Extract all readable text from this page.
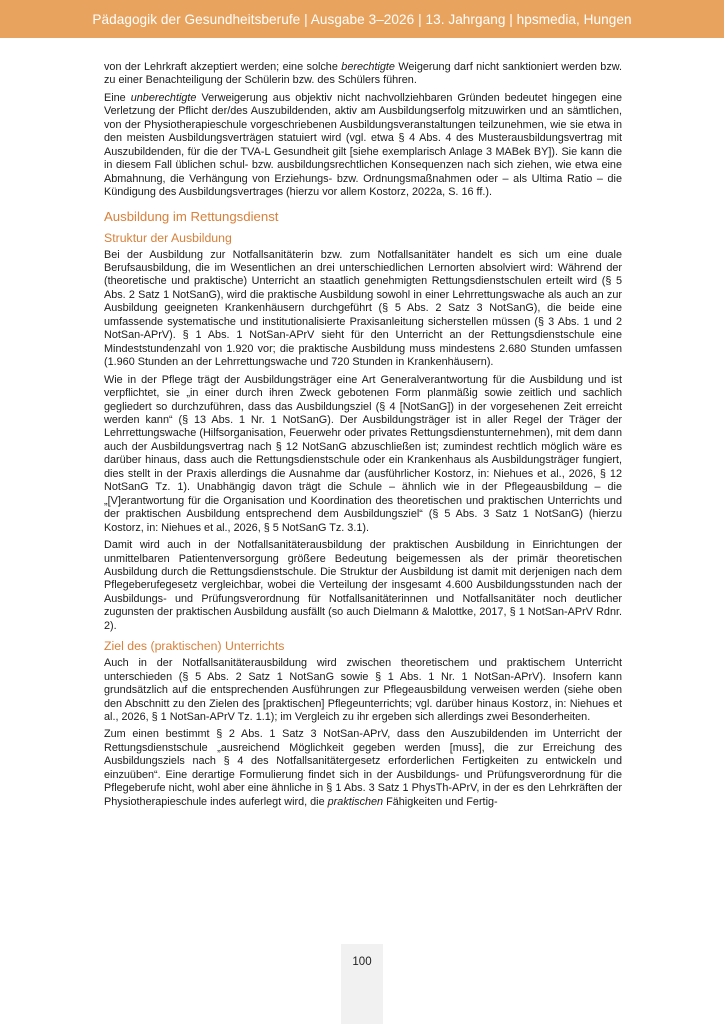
Pädagogik der Gesundheitsberufe | Ausgabe 3–2026 | 13. Jahrgang | hpsmedia, Hungen

von der Lehrkraft akzeptiert werden; eine solche berechtigte Weigerung darf nicht sanktioniert werden bzw. zu einer Benachteiligung der Schülerin bzw. des Schülers führen.

Eine unberechtigte Verweigerung aus objektiv nicht nachvollziehbaren Gründen bedeutet hingegen eine Verletzung der Pflicht der/des Auszubildenden, aktiv am Ausbildungserfolg mitzuwirken und an sämtlichen, von der Physiotherapieschule vorgeschriebenen Ausbildungsveranstaltungen teilzunehmen, wie sie etwa in den meisten Ausbildungsverträgen statuiert wird (vgl. etwa § 4 Abs. 4 des Musterausbildungsvertrag mit Auszubildenden, für die der TVA-L Gesundheit gilt [siehe exemplarisch Anlage 3 MABek BY]). Sie kann die in diesem Fall üblichen schul- bzw. ausbildungsrechtlichen Konsequenzen nach sich ziehen, wie etwa eine Abmahnung, die Verhängung von Erziehungs- bzw. Ordnungsmaßnahmen oder – als Ultima Ratio – die Kündigung des Ausbildungsvertrages (hierzu vor allem Kostorz, 2022a, S. 16 ff.).

Ausbildung im Rettungsdienst
Struktur der Ausbildung

Bei der Ausbildung zur Notfallsanitäterin bzw. zum Notfallsanitäter handelt es sich um eine duale Berufsausbildung, die im Wesentlichen an drei unterschiedlichen Lernorten absolviert wird: Während der (theoretische und praktische) Unterricht an staatlich genehmigten Rettungsdienstschulen erteilt wird (§ 5 Abs. 2 Satz 1 NotSanG), wird die praktische Ausbildung sowohl in einer Lehrrettungswache als auch an zur Ausbildung geeigneten Krankenhäusern durchgeführt (§ 5 Abs. 2 Satz 3 NotSanG), die beide eine umfassende systematische und institutionalisierte Praxisanleitung sicherstellen müssen (§ 3 Abs. 1 und 2 NotSan-APrV). § 1 Abs. 1 NotSan-APrV sieht für den Unterricht an der Rettungsdienstschule eine Mindeststundenzahl von 1.920 vor; die praktische Ausbildung muss mindestens 2.680 Stunden umfassen (1.960 Stunden an der Lehrrettungswache und 720 Stunden in Krankenhäusern).

Wie in der Pflege trägt der Ausbildungsträger eine Art Generalverantwortung für die Ausbildung und ist verpflichtet, sie „in einer durch ihren Zweck gebotenen Form planmäßig sowie zeitlich und sachlich gegliedert so durchzuführen, dass das Ausbildungsziel (§ 4 [NotSanG]) in der vorgesehenen Zeit erreicht werden kann“ (§ 13 Abs. 1 Nr. 1 NotSanG). Der Ausbildungsträger ist in aller Regel der Träger der Lehrrettungswache (Hilfsorganisation, Feuerwehr oder privates Rettungsdienstunternehmen), mit dem dann auch der Ausbildungsvertrag nach § 12 NotSanG abzuschließen ist; zumindest rechtlich möglich wäre es darüber hinaus, dass auch die Rettungsdienstschule oder ein Krankenhaus als Ausbildungsträger fungiert, dies stellt in der Praxis allerdings die Ausnahme dar (ausführlicher Kostorz, in: Niehues et al., 2026, § 12 NotSanG Tz. 1). Unabhängig davon trägt die Schule – ähnlich wie in der Pflegeausbildung – die „[V]erantwortung für die Organisation und Koordination des theoretischen und praktischen Unterrichts und der praktischen Ausbildung entsprechend dem Ausbildungsziel“ (§ 5 Abs. 3 Satz 1 NotSanG) (hierzu Kostorz, in: Niehues et al., 2026, § 5 NotSanG Tz. 3.1).

Damit wird auch in der Notfallsanitäterausbildung der praktischen Ausbildung in Einrichtungen der unmittelbaren Patientenversorgung größere Bedeutung beigemessen als der primär theoretischen Ausbildung durch die Rettungsdienstschule. Die Struktur der Ausbildung ist damit mit derjenigen nach dem Pflegeberufegesetz vergleichbar, wobei die Verteilung der insgesamt 4.600 Ausbildungsstunden nach der Ausbildungs- und Prüfungsverordnung für Notfallsanitäterinnen und Notfallsanitäter noch deutlicher zugunsten der praktischen Ausbildung ausfällt (so auch Dielmann & Malottke, 2017, § 1 NotSan-APrV Rdnr. 2).

Ziel des (praktischen) Unterrichts

Auch in der Notfallsanitäterausbildung wird zwischen theoretischem und praktischem Unterricht unterschieden (§ 5 Abs. 2 Satz 1 NotSanG sowie § 1 Abs. 1 Nr. 1 NotSan-APrV). Insofern kann grundsätzlich auf die entsprechenden Ausführungen zur Pflegeausbildung verweisen werden (siehe oben den Abschnitt zu den Zielen des [praktischen] Pflegeunterrichts; vgl. darüber hinaus Kostorz, in: Niehues et al., 2026, § 1 NotSan-APrV Tz. 1.1); im Vergleich zu ihr ergeben sich allerdings zwei Besonderheiten.

Zum einen bestimmt § 2 Abs. 1 Satz 3 NotSan-APrV, dass den Auszubildenden im Unterricht der Rettungsdienstschule „ausreichend Möglichkeit gegeben werden [muss], die zur Erreichung des Ausbildungsziels nach § 4 des Notfallsanitätergesetz erforderlichen Fertigkeiten zu entwickeln und einzuüben“. Eine derartige Formulierung findet sich in der Ausbildungs- und Prüfungsverordnung für die Pflegeberufe nicht, wohl aber eine ähnliche in § 1 Abs. 3 Satz 1 PhysTh-APrV, in der es den Lehrkräften der Physiotherapieschule indes auferlegt wird, die praktischen Fähigkeiten und Fertig-

100
